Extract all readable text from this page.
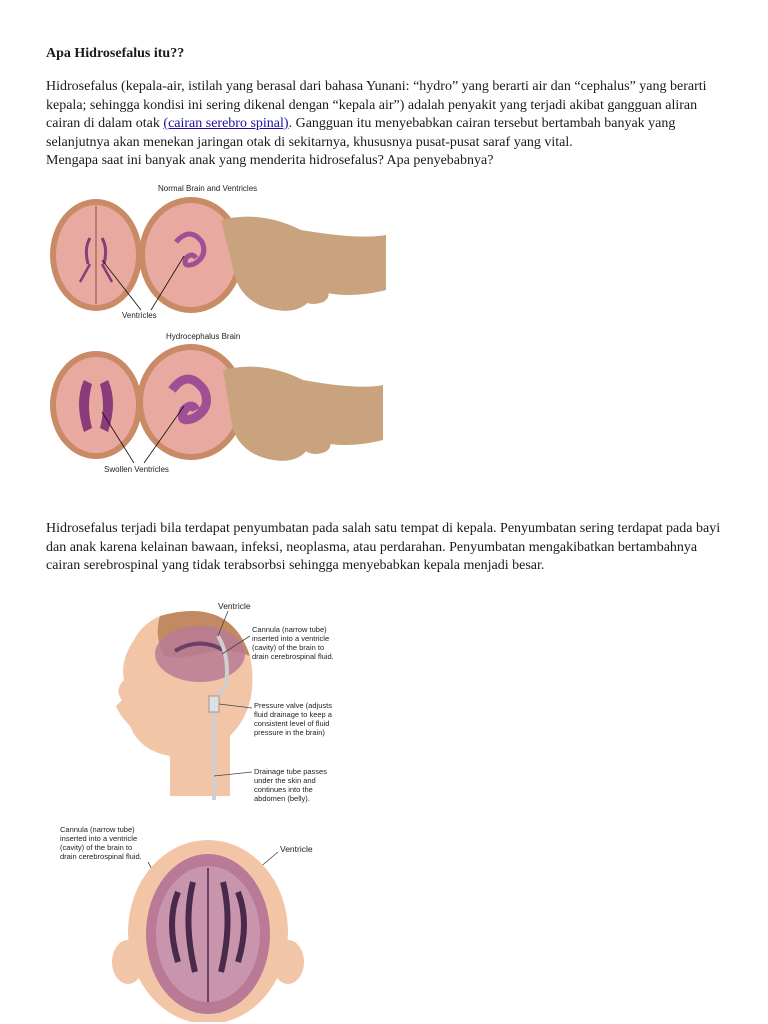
Apa Hidrosefalus itu??
Hidrosefalus (kepala-air, istilah yang berasal dari bahasa Yunani: “hydro” yang berarti air dan “cephalus” yang berarti kepala; sehingga kondisi ini sering dikenal dengan “kepala air”) adalah penyakit yang terjadi akibat gangguan aliran cairan di dalam otak (cairan serebro spinal). Gangguan itu menyebabkan cairan tersebut bertambah banyak yang selanjutnya akan menekan jaringan otak di sekitarnya, khususnya pusat-pusat saraf yang vital.
Mengapa saat ini banyak anak yang menderita hidrosefalus? Apa penyebabnya?
Normal Brain and Ventricles
Ventricles
Hydrocephalus Brain
Swollen Ventricles
Hidrosefalus terjadi bila terdapat penyumbatan pada salah satu tempat di kepala. Penyumbatan sering terdapat pada bayi dan anak karena kelainan bawaan, infeksi, neoplasma, atau perdarahan. Penyumbatan mengakibatkan bertambahnya cairan serebrospinal yang tidak terabsorbsi sehingga menyebabkan kepala menjadi besar.
Ventricle
Cannula (narrow tube) inserted into a ventricle (cavity) of the brain to drain cerebrospinal fluid.
Pressure valve (adjusts fluid drainage to keep a consistent level of fluid pressure in the brain)
Drainage tube passes under the skin and continues into the abdomen (belly).
Cannula (narrow tube) inserted into a ventricle (cavity) of the brain to drain cerebrospinal fluid.
Ventricle
